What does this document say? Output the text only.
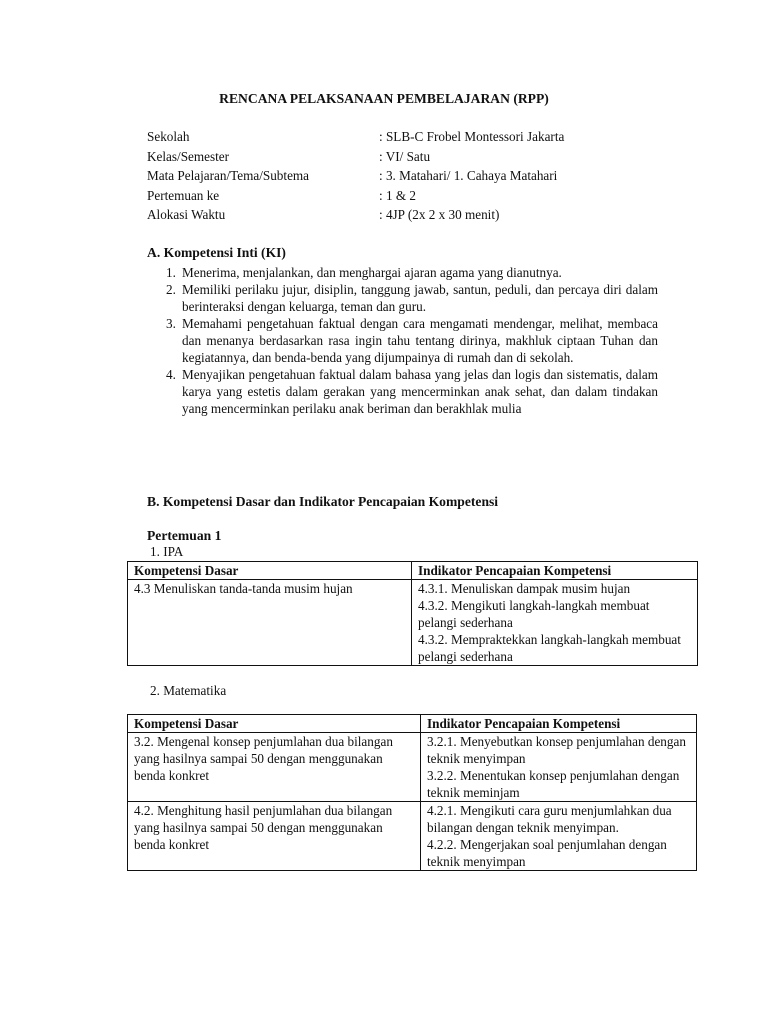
RENCANA PELAKSANAAN PEMBELAJARAN (RPP)
Sekolah	: SLB-C Frobel Montessori Jakarta
Kelas/Semester	: VI/ Satu
Mata Pelajaran/Tema/Subtema	: 3. Matahari/ 1. Cahaya Matahari
Pertemuan ke	: 1 & 2
Alokasi Waktu	: 4JP (2x 2 x 30 menit)
A. Kompetensi Inti (KI)
1. Menerima, menjalankan, dan menghargai ajaran agama yang dianutnya.
2. Memiliki perilaku jujur, disiplin, tanggung jawab, santun, peduli, dan percaya diri dalam berinteraksi dengan keluarga, teman dan guru.
3. Memahami pengetahuan faktual dengan cara mengamati mendengar, melihat, membaca dan menanya berdasarkan rasa ingin tahu tentang dirinya, makhluk ciptaan Tuhan dan kegiatannya, dan benda-benda yang dijumpainya di rumah dan di sekolah.
4. Menyajikan pengetahuan faktual dalam bahasa yang jelas dan logis dan sistematis, dalam karya yang estetis dalam gerakan yang mencerminkan anak sehat, dan dalam tindakan yang mencerminkan perilaku anak beriman dan berakhlak mulia
B. Kompetensi Dasar dan Indikator Pencapaian Kompetensi
Pertemuan 1
1. IPA
Kompetensi Dasar	Indikator Pencapaian Kompetensi
4.3 Menuliskan tanda-tanda musim hujan	4.3.1. Menuliskan dampak musim hujan
4.3.2. Mengikuti langkah-langkah membuat pelangi sederhana
4.3.2. Mempraktekkan langkah-langkah membuat pelangi sederhana
2. Matematika
Kompetensi Dasar	Indikator Pencapaian Kompetensi
3.2. Mengenal konsep penjumlahan dua bilangan yang hasilnya sampai 50 dengan menggunakan benda konkret	3.2.1. Menyebutkan konsep penjumlahan dengan teknik menyimpan
3.2.2. Menentukan konsep penjumlahan dengan teknik meminjam

4.2. Menghitung hasil penjumlahan dua bilangan yang hasilnya sampai 50 dengan menggunakan benda konkret	4.2.1. Mengikuti cara guru menjumlahkan dua bilangan dengan teknik menyimpan.
4.2.2. Mengerjakan soal penjumlahan dengan teknik menyimpan
